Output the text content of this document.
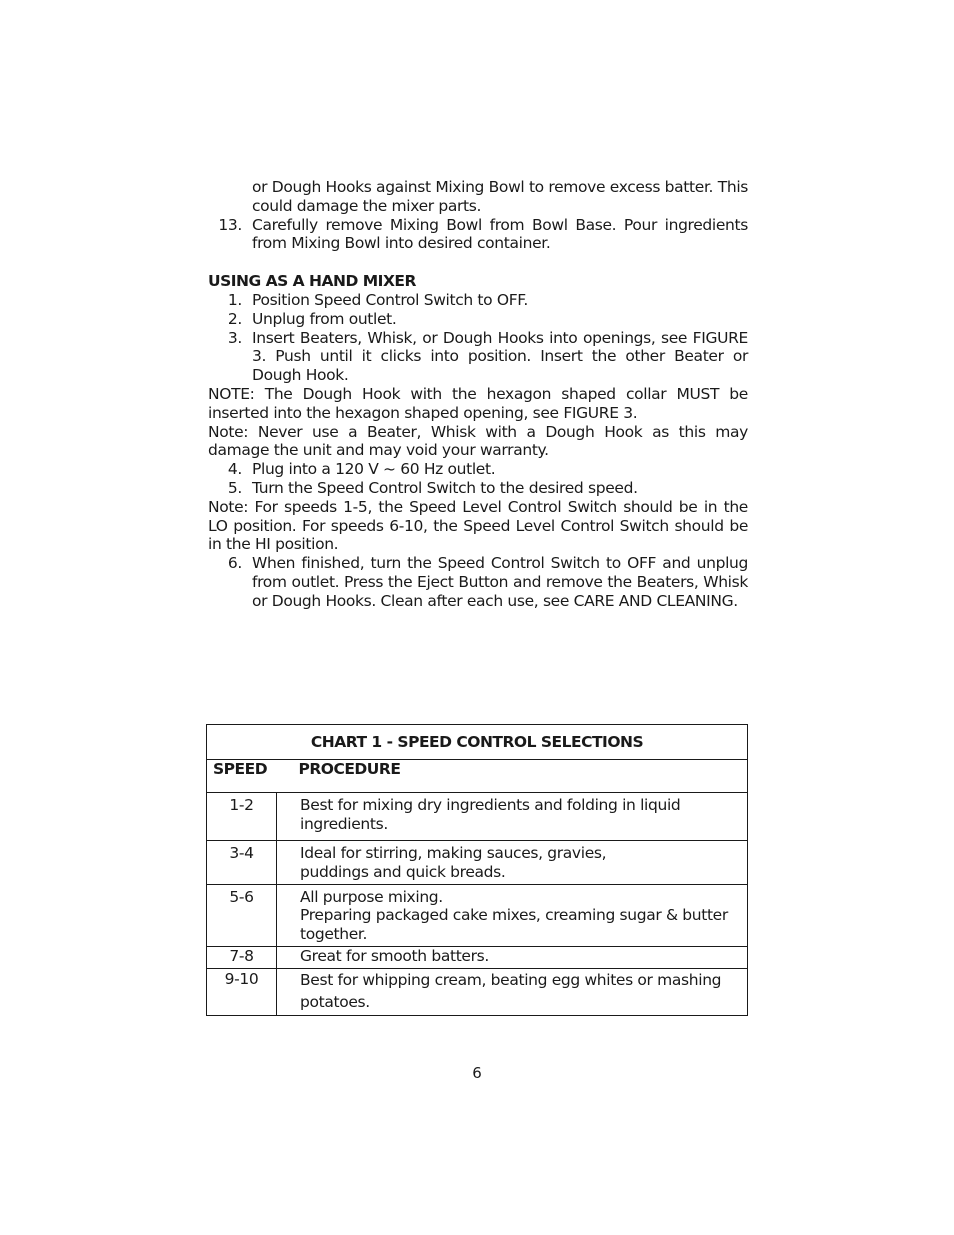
or Dough Hooks against Mixing Bowl to remove excess batter. This could damage the mixer parts.
13. Carefully remove Mixing Bowl from Bowl Base. Pour ingredients from Mixing Bowl into desired container.
USING AS A HAND MIXER
1. Position Speed Control Switch to OFF.
2. Unplug from outlet.
3. Insert Beaters, Whisk, or Dough Hooks into openings, see FIGURE 3. Push until it clicks into position. Insert the other Beater or Dough Hook.
NOTE: The Dough Hook with the hexagon shaped collar MUST be inserted into the hexagon shaped opening, see FIGURE 3.
Note: Never use a Beater, Whisk with a Dough Hook as this may damage the unit and may void your warranty.
4. Plug into a 120 V ~ 60 Hz outlet.
5. Turn the Speed Control Switch to the desired speed.
Note: For speeds 1-5, the Speed Level Control Switch should be in the LO position. For speeds 6-10, the Speed Level Control Switch should be in the HI position.
6. When finished, turn the Speed Control Switch to OFF and unplug from outlet. Press the Eject Button and remove the Beaters, Whisk or Dough Hooks. Clean after each use, see CARE AND CLEANING.
CHART 1 - SPEED CONTROL SELECTIONS	
SPEED	PROCEDURE

1-2	Best for mixing dry ingredients and folding in liquid
ingredients.

3-4	Ideal for stirring, making sauces, gravies,
puddings and quick breads.

5-6	All purpose mixing.
Preparing packaged cake mixes, creaming sugar & butter
together.

7-8	Great for smooth batters.

9-10	Best for whipping cream, beating egg whites or mashing
potatoes.
6
